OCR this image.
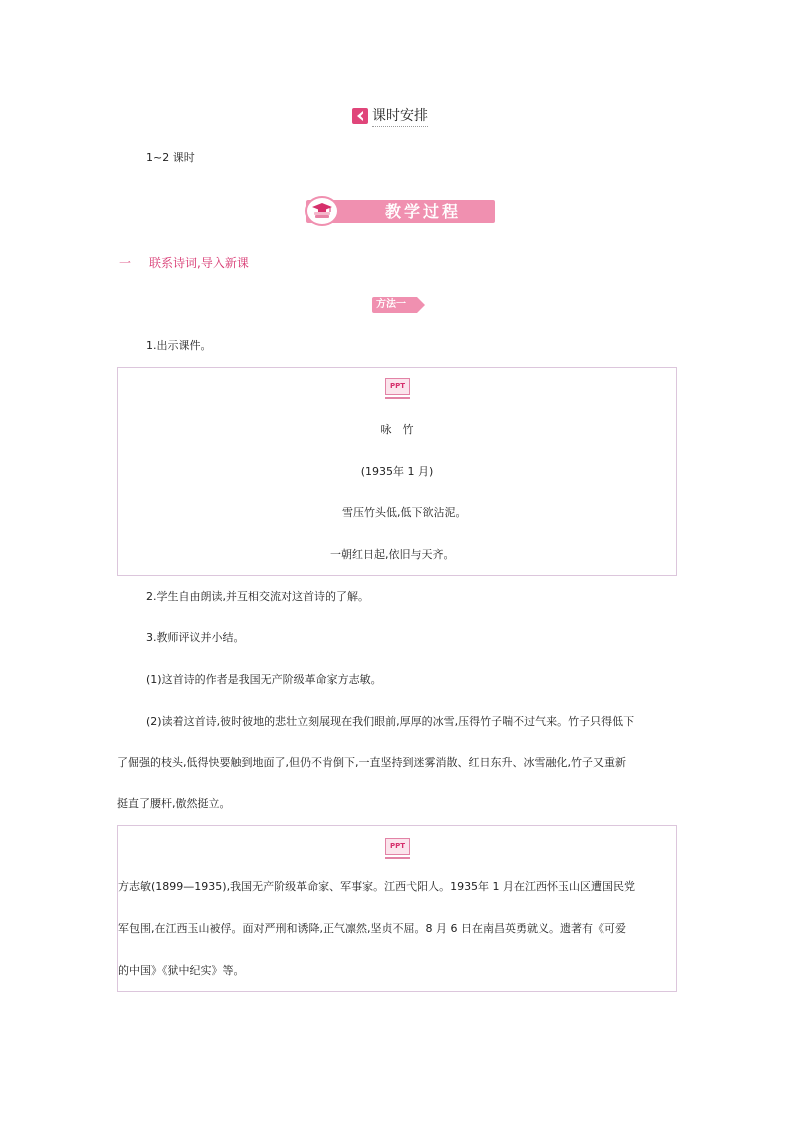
课时安排
1~2 课时
教学过程
一 联系诗词,导入新课
方法一
1.出示课件。
PPT
咏　竹
(1935年 1 月)
雪压竹头低,低下欲沾泥。
一朝红日起,依旧与天齐。
2.学生自由朗读,并互相交流对这首诗的了解。
3.教师评议并小结。
(1)这首诗的作者是我国无产阶级革命家方志敏。
(2)读着这首诗,彼时彼地的悲壮立刻展现在我们眼前,厚厚的冰雪,压得竹子喘不过气来。竹子只得低下
了倔强的枝头,低得快要触到地面了,但仍不肯倒下,一直坚持到迷雾消散、红日东升、冰雪融化,竹子又重新
挺直了腰杆,傲然挺立。
PPT
方志敏(1899—1935),我国无产阶级革命家、军事家。江西弋阳人。1935年 1 月在江西怀玉山区遭国民党
军包围,在江西玉山被俘。面对严刑和诱降,正气凛然,坚贞不屈。8 月 6 日在南昌英勇就义。遗著有《可爱
的中国》《狱中纪实》等。
